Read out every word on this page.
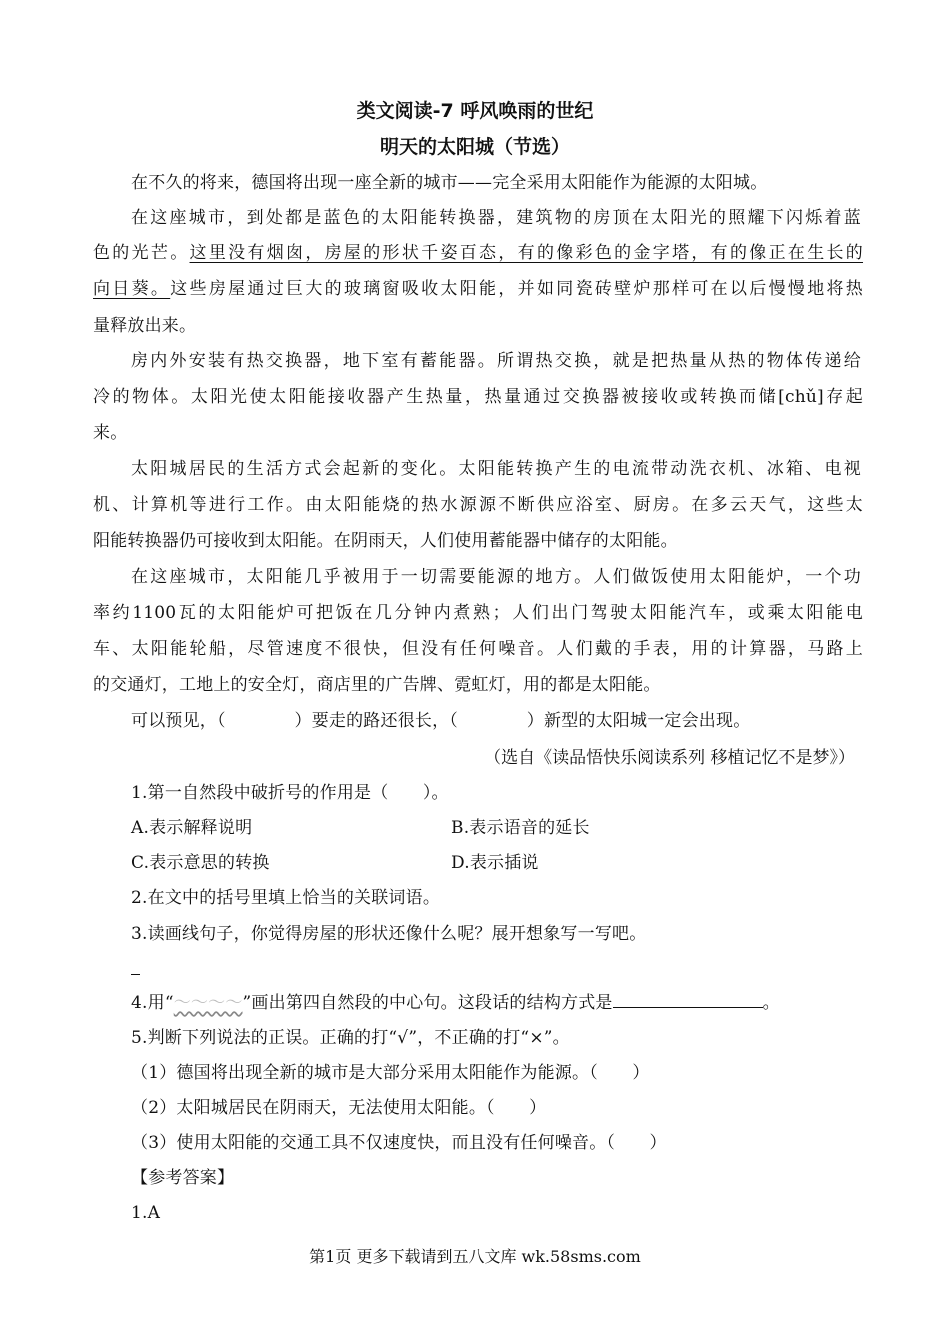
类文阅读-7 呼风唤雨的世纪
明天的太阳城（节选）
在不久的将来，德国将出现一座全新的城市——完全采用太阳能作为能源的太阳城。
在这座城市，到处都是蓝色的太阳能转换器，建筑物的房顶在太阳光的照耀下闪烁着蓝
色的光芒。这里没有烟囱，房屋的形状千姿百态，有的像彩色的金字塔，有的像正在生长的
向日葵。这些房屋通过巨大的玻璃窗吸收太阳能，并如同瓷砖壁炉那样可在以后慢慢地将热
量释放出来。
房内外安装有热交换器，地下室有蓄能器。所谓热交换，就是把热量从热的物体传递给
冷的物体。太阳光使太阳能接收器产生热量，热量通过交换器被接收或转换而储[chǔ]存起
来。
太阳城居民的生活方式会起新的变化。太阳能转换产生的电流带动洗衣机、冰箱、电视
机、计算机等进行工作。由太阳能烧的热水源源不断供应浴室、厨房。在多云天气，这些太
阳能转换器仍可接收到太阳能。在阴雨天，人们使用蓄能器中储存的太阳能。
在这座城市，太阳能几乎被用于一切需要能源的地方。人们做饭使用太阳能炉，一个功
率约1100瓦的太阳能炉可把饭在几分钟内煮熟；人们出门驾驶太阳能汽车，或乘太阳能电
车、太阳能轮船，尽管速度不很快，但没有任何噪音。人们戴的手表，用的计算器，马路上
的交通灯，工地上的安全灯，商店里的广告牌、霓虹灯，用的都是太阳能。
可以预见，（　　　　）要走的路还很长，（　　　　）新型的太阳城一定会出现。
（选自《读品悟快乐阅读系列 移植记忆不是梦》）
1.第一自然段中破折号的作用是（　　）。
A.表示解释说明	B.表示语音的延长
C.表示意思的转换	D.表示插说
2.在文中的括号里填上恰当的关联词语。
3.读画线句子，你觉得房屋的形状还像什么呢？展开想象写一写吧。
4.用“～～～～”画出第四自然段的中心句。这段话的结构方式是	。
5.判断下列说法的正误。正确的打“√”，不正确的打“×”。
（1）德国将出现全新的城市是大部分采用太阳能作为能源。（　　）
（2）太阳城居民在阴雨天，无法使用太阳能。（　　）
（3）使用太阳能的交通工具不仅速度快，而且没有任何噪音。（　　）
【参考答案】
1.A
第1页 更多下载请到五八文库 wk.58sms.com
